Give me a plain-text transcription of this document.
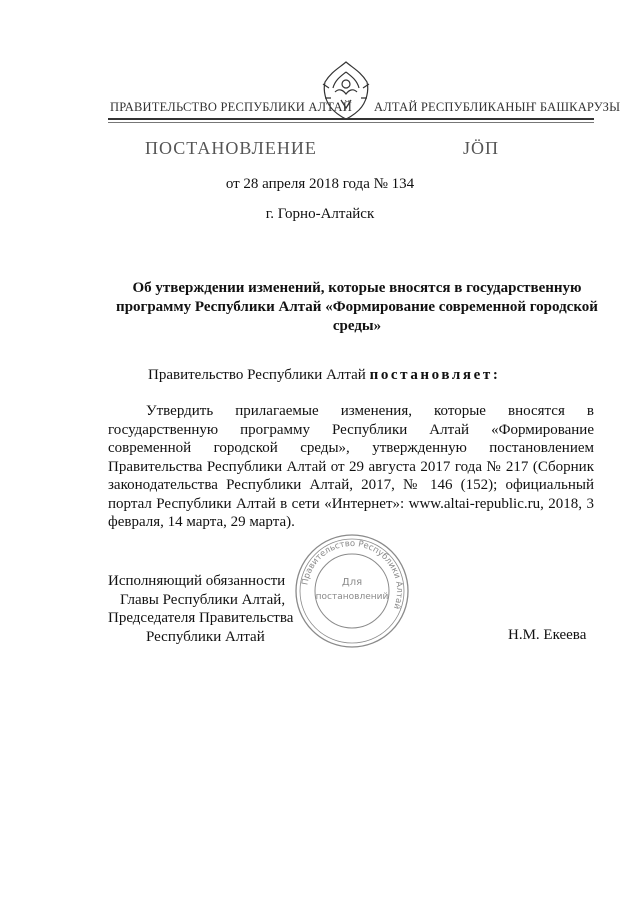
ПРАВИТЕЛЬСТВО РЕСПУБЛИКИ АЛТАЙ АЛТАЙ РЕСПУБЛИКАНЫҤ БАШКАРУЗЫ
ПОСТАНОВЛЕНИЕ	ЈӦП
от 28 апреля 2018 года № 134
г. Горно-Алтайск
Об утверждении изменений, которые вносятся в государственную программу Республики Алтай «Формирование современной городской среды»
Правительство Республики Алтай постановляет:
Утвердить прилагаемые изменения, которые вносятся в государственную программу Республики Алтай «Формирование современной городской среды», утвержденную постановлением Правительства Республики Алтай от 29 августа 2017 года № 217 (Сборник законодательства Республики Алтай, 2017, № 146 (152); официальный портал Республики Алтай в сети «Интернет»: www.altai-republic.ru, 2018, 3 февраля, 14 марта, 29 марта).
Правительство Республики Алтай
Для
постановлений
Исполняющий обязанности
Главы Республики Алтай,
Председателя Правительства
Республики Алтай	Н.М. Екеева
